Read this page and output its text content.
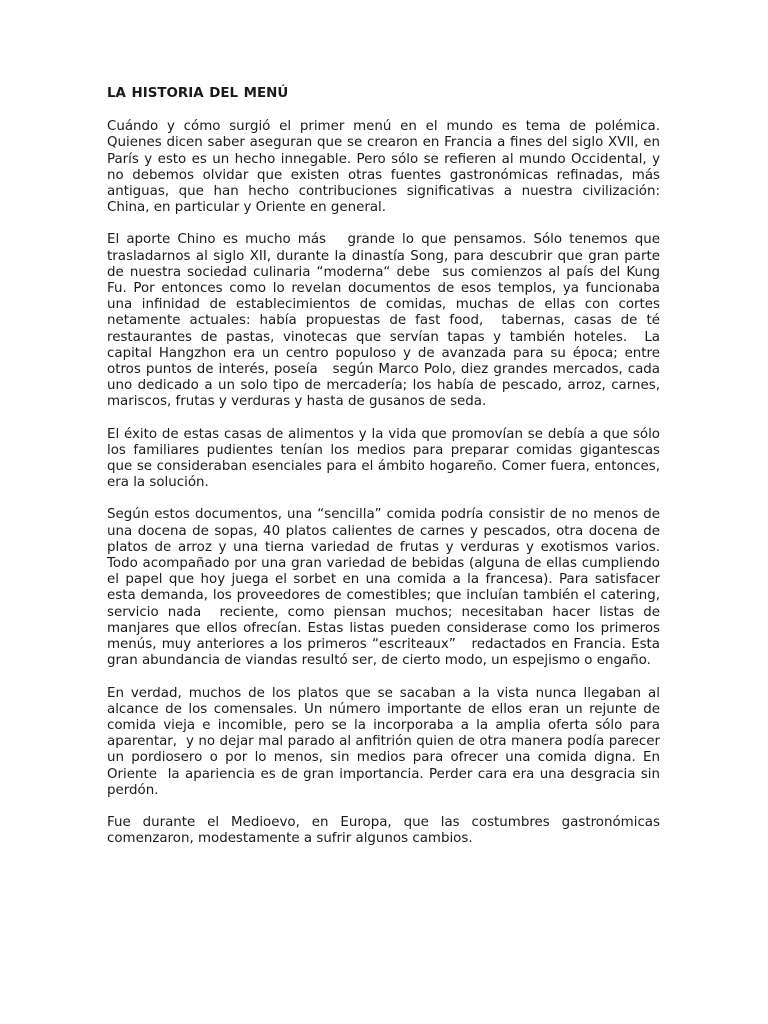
LA HISTORIA DEL MENÚ

Cuándo y cómo surgió el primer menú en el mundo es tema de polémica. Quienes dicen saber aseguran que se crearon en Francia a fines del siglo XVII, en París y esto es un hecho innegable. Pero sólo se refieren al mundo Occidental, y no debemos olvidar que existen otras fuentes gastronómicas refinadas, más antiguas, que han hecho contribuciones significativas a nuestra civilización: China, en particular y Oriente en general.

El aporte Chino es mucho más   grande lo que pensamos. Sólo tenemos que trasladarnos al siglo XII, durante la dinastía Song, para descubrir que gran parte de nuestra sociedad culinaria “moderna“ debe  sus comienzos al país del Kung Fu. Por entonces como lo revelan documentos de esos templos, ya funcionaba una infinidad de establecimientos de comidas, muchas de ellas con cortes netamente actuales: había propuestas de fast food,  tabernas, casas de té  restaurantes de pastas, vinotecas que servían tapas y también hoteles.  La capital Hangzhon era un centro populoso y de avanzada para su época; entre otros puntos de interés, poseía   según Marco Polo, diez grandes mercados, cada uno dedicado a un solo tipo de mercadería; los había de pescado, arroz, carnes, mariscos, frutas y verduras y hasta de gusanos de seda.

El éxito de estas casas de alimentos y la vida que promovían se debía a que sólo los familiares pudientes tenían los medios para preparar comidas gigantescas que se consideraban esenciales para el ámbito hogareño. Comer fuera, entonces, era la solución.

Según estos documentos, una “sencilla” comida podría consistir de no menos de una docena de sopas, 40 platos calientes de carnes y pescados, otra docena de platos de arroz y una tierna variedad de frutas y verduras y exotismos varios. Todo acompañado por una gran variedad de bebidas (alguna de ellas cumpliendo el papel que hoy juega el sorbet en una comida a la francesa). Para satisfacer esta demanda, los proveedores de comestibles; que incluían también el catering, servicio nada  reciente, como piensan muchos; necesitaban hacer listas de manjares que ellos ofrecían. Estas listas pueden considerase como los primeros menús, muy anteriores a los primeros “escriteaux”   redactados en Francia. Esta gran abundancia de viandas resultó ser, de cierto modo, un espejismo o engaño.

En verdad, muchos de los platos que se sacaban a la vista nunca llegaban al alcance de los comensales. Un número importante de ellos eran un rejunte de comida vieja e incomible, pero se la incorporaba a la amplia oferta sólo para aparentar,  y no dejar mal parado al anfitrión quien de otra manera podía parecer un pordiosero o por lo menos, sin medios para ofrecer una comida digna. En Oriente  la apariencia es de gran importancia. Perder cara era una desgracia sin perdón.

Fue durante el Medioevo, en Europa, que las costumbres gastronómicas comenzaron, modestamente a sufrir algunos cambios.
